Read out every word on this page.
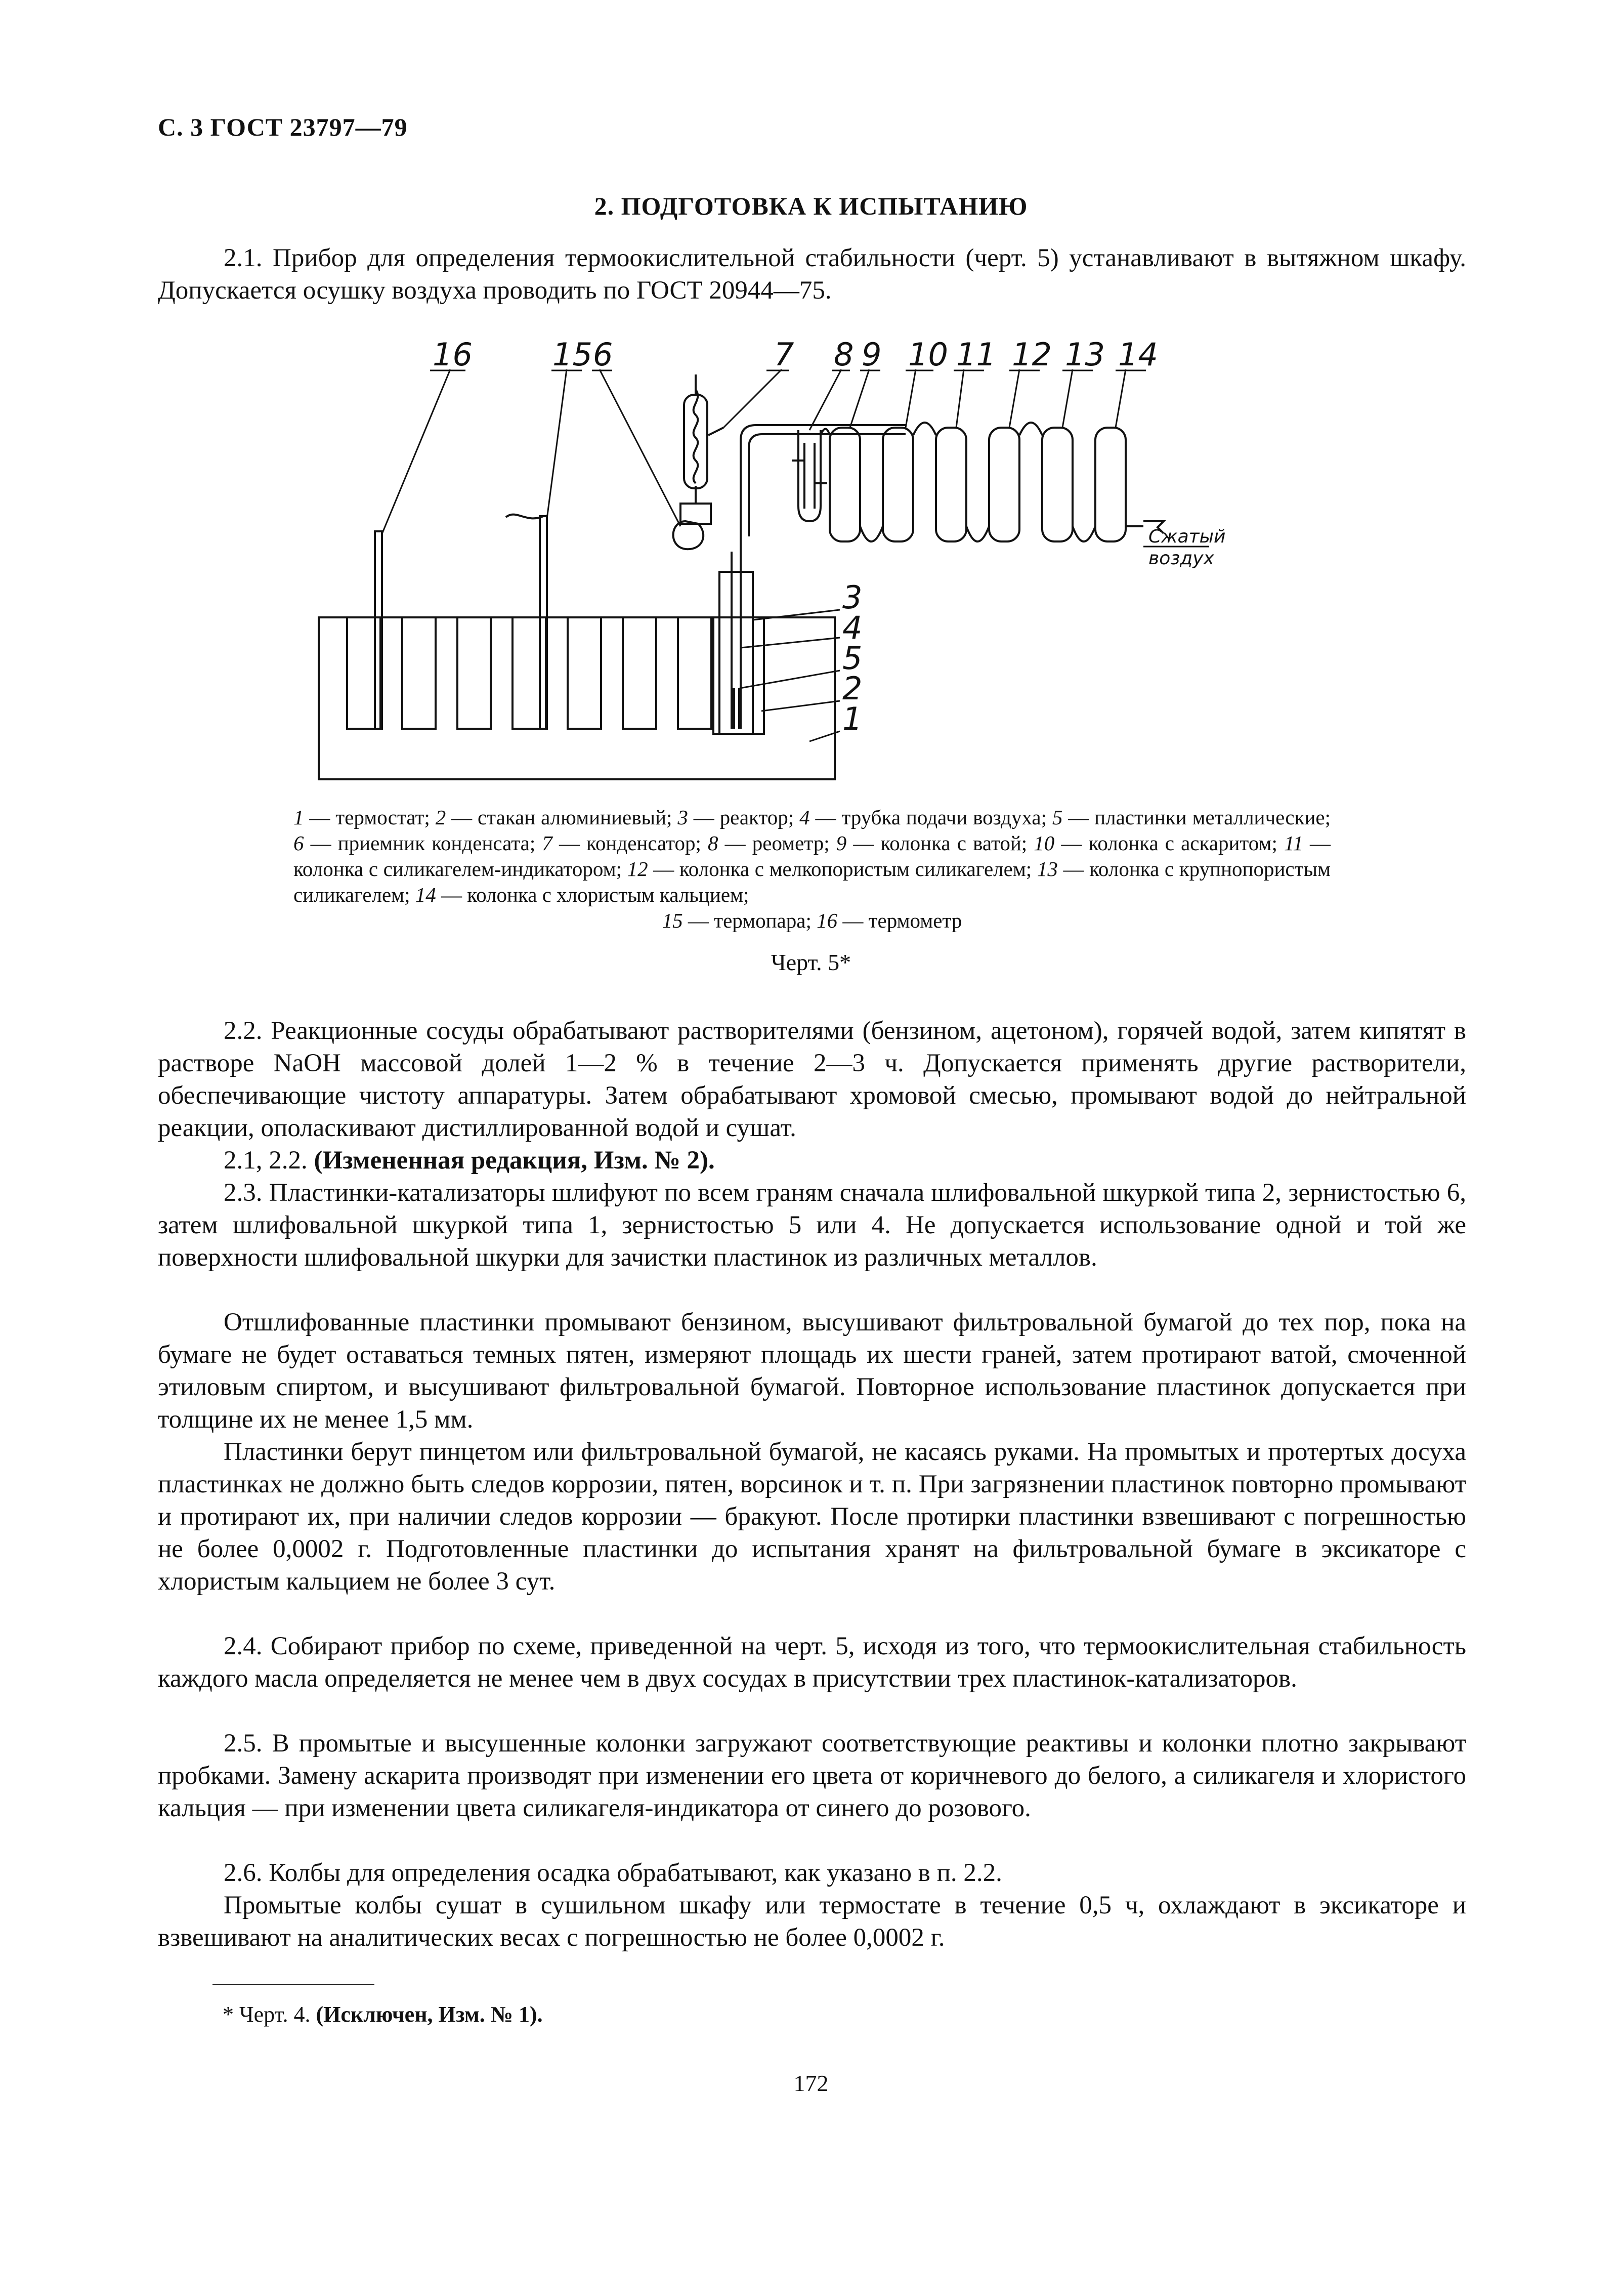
С. 3 ГОСТ 23797—79
2. ПОДГОТОВКА К ИСПЫТАНИЮ

2.1. Прибор для определения термоокислительной стабильности (черт. 5) устанавливают в вытяжном шкафу. Допускается осушку воздуха проводить по ГОСТ 20944—75.

16	15 6	7 8 9 10 11 12 13 14
3
4
5
2
1
Сжатый
воздух

1 — термостат; 2 — стакан алюминиевый; 3 — реактор; 4 — трубка подачи воздуха; 5 — пластинки металлические; 6 — приемник конденсата; 7 — конденсатор; 8 — реометр; 9 — колонка с ватой; 10 — колонка с аскаритом; 11 — колонка с силикагелем-индикатором; 12 — колонка с мелкопористым силикагелем; 13 — колонка с крупнопористым силикагелем; 14 — колонка с хлористым кальцием;
15 — термопара; 16 — термометр

Черт. 5*

2.2. Реакционные сосуды обрабатывают растворителями (бензином, ацетоном), горячей водой, затем кипятят в растворе NaOH массовой долей 1—2 % в течение 2—3 ч. Допускается применять другие растворители, обеспечивающие чистоту аппаратуры. Затем обрабатывают хромовой смесью, промывают водой до нейтральной реакции, ополаскивают дистиллированной водой и сушат.

2.1, 2.2. (Измененная редакция, Изм. № 2).

2.3. Пластинки-катализаторы шлифуют по всем граням сначала шлифовальной шкуркой типа 2, зернистостью 6, затем шлифовальной шкуркой типа 1, зернистостью 5 или 4. Не допускается использование одной и той же поверхности шлифовальной шкурки для зачистки пластинок из различных металлов.

Отшлифованные пластинки промывают бензином, высушивают фильтровальной бумагой до тех пор, пока на бумаге не будет оставаться темных пятен, измеряют площадь их шести граней, затем протирают ватой, смоченной этиловым спиртом, и высушивают фильтровальной бумагой. Повторное использование пластинок допускается при толщине их не менее 1,5 мм.

Пластинки берут пинцетом или фильтровальной бумагой, не касаясь руками. На промытых и протертых досуха пластинках не должно быть следов коррозии, пятен, ворсинок и т. п. При загрязнении пластинок повторно промывают и протирают их, при наличии следов коррозии — бракуют. После протирки пластинки взвешивают с погрешностью не более 0,0002 г. Подготовленные пластинки до испытания хранят на фильтровальной бумаге в эксикаторе с хлористым кальцием не более 3 сут.

2.4. Собирают прибор по схеме, приведенной на черт. 5, исходя из того, что термоокислительная стабильность каждого масла определяется не менее чем в двух сосудах в присутствии трех пластинок-катализаторов.

2.5. В промытые и высушенные колонки загружают соответствующие реактивы и колонки плотно закрывают пробками. Замену аскарита производят при изменении его цвета от коричневого до белого, а силикагеля и хлористого кальция — при изменении цвета силикагеля-индикатора от синего до розового.

2.6. Колбы для определения осадка обрабатывают, как указано в п. 2.2.

Промытые колбы сушат в сушильном шкафу или термостате в течение 0,5 ч, охлаждают в эксикаторе и взвешивают на аналитических весах с погрешностью не более 0,0002 г.

* Черт. 4. (Исключен, Изм. № 1).
172
